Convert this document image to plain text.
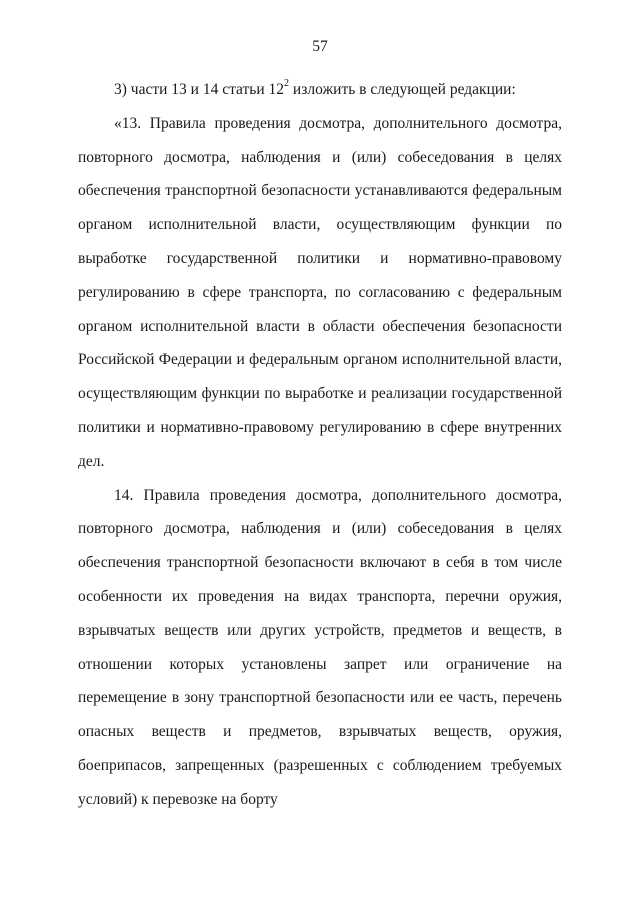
57

3) части 13 и 14 статьи $12^2$ изложить в следующей редакции:

«13. Правила проведения досмотра, дополнительного досмотра, повторного досмотра, наблюдения и (или) собеседования в целях обеспечения транспортной безопасности устанавливаются федеральным органом исполнительной власти, осуществляющим функции по выработке государственной политики и нормативно-правовому регулированию в сфере транспорта, по согласованию с федеральным органом исполнительной власти в области обеспечения безопасности Российской Федерации и федеральным органом исполнительной власти, осуществляющим функции по выработке и реализации государственной политики и нормативно-правовому регулированию в сфере внутренних дел.

14. Правила проведения досмотра, дополнительного досмотра, повторного досмотра, наблюдения и (или) собеседования в целях обеспечения транспортной безопасности включают в себя в том числе особенности их проведения на видах транспорта, перечни оружия, взрывчатых веществ или других устройств, предметов и веществ, в отношении которых установлены запрет или ограничение на перемещение в зону транспортной безопасности или ее часть, перечень опасных веществ и предметов, взрывчатых веществ, оружия, боеприпасов, запрещенных (разрешенных с соблюдением требуемых условий) к перевозке на борту
